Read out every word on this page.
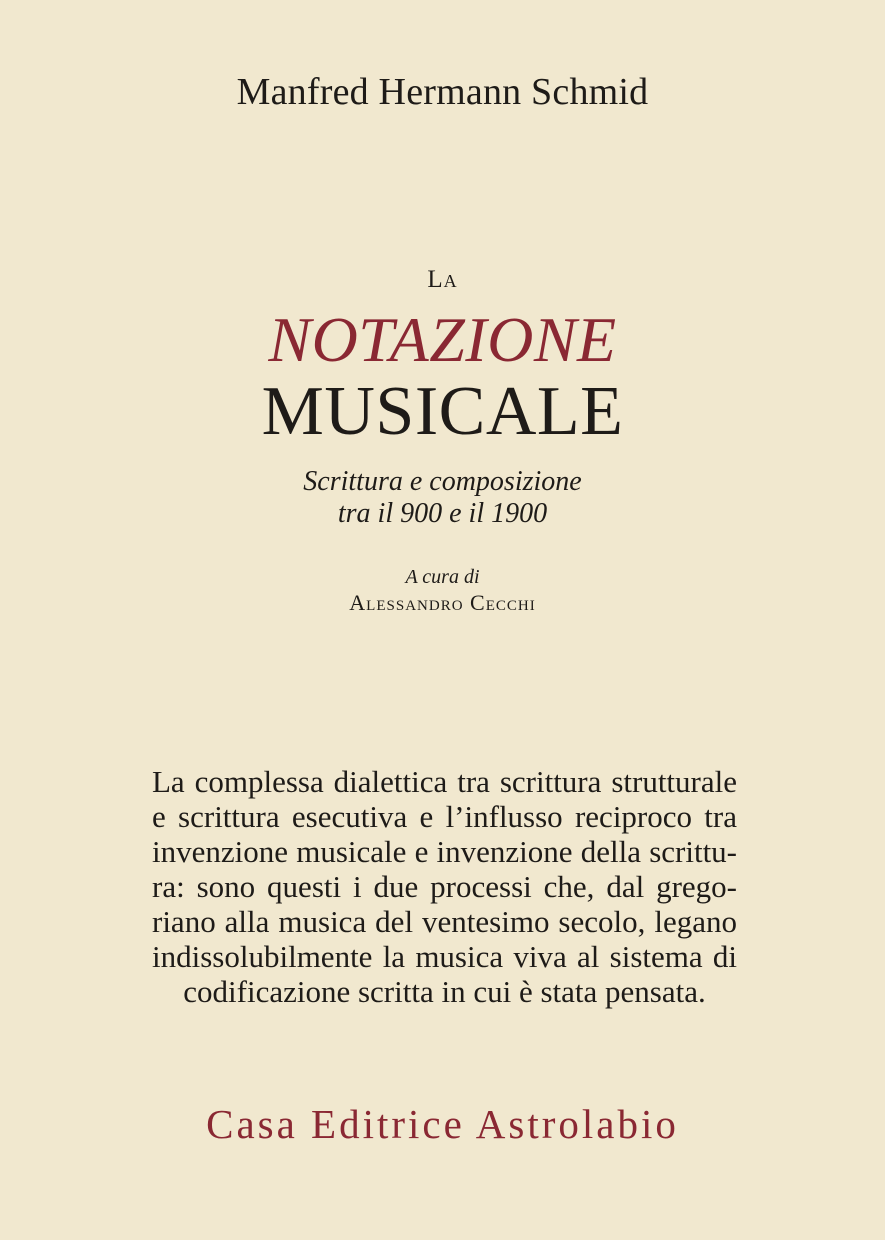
Manfred Hermann Schmid
La
NOTAZIONE
MUSICALE
Scrittura e composizione
tra il 900 e il 1900
A cura di
Alessandro Cecchi
La complessa dialettica tra scrittura strutturale
e scrittura esecutiva e l’influsso reciproco tra
invenzione musicale e invenzione della scrittu-
ra: sono questi i due processi che, dal grego-
riano alla musica del ventesimo secolo, legano
indissolubilmente la musica viva al sistema di
codificazione scritta in cui è stata pensata.
Casa Editrice Astrolabio
